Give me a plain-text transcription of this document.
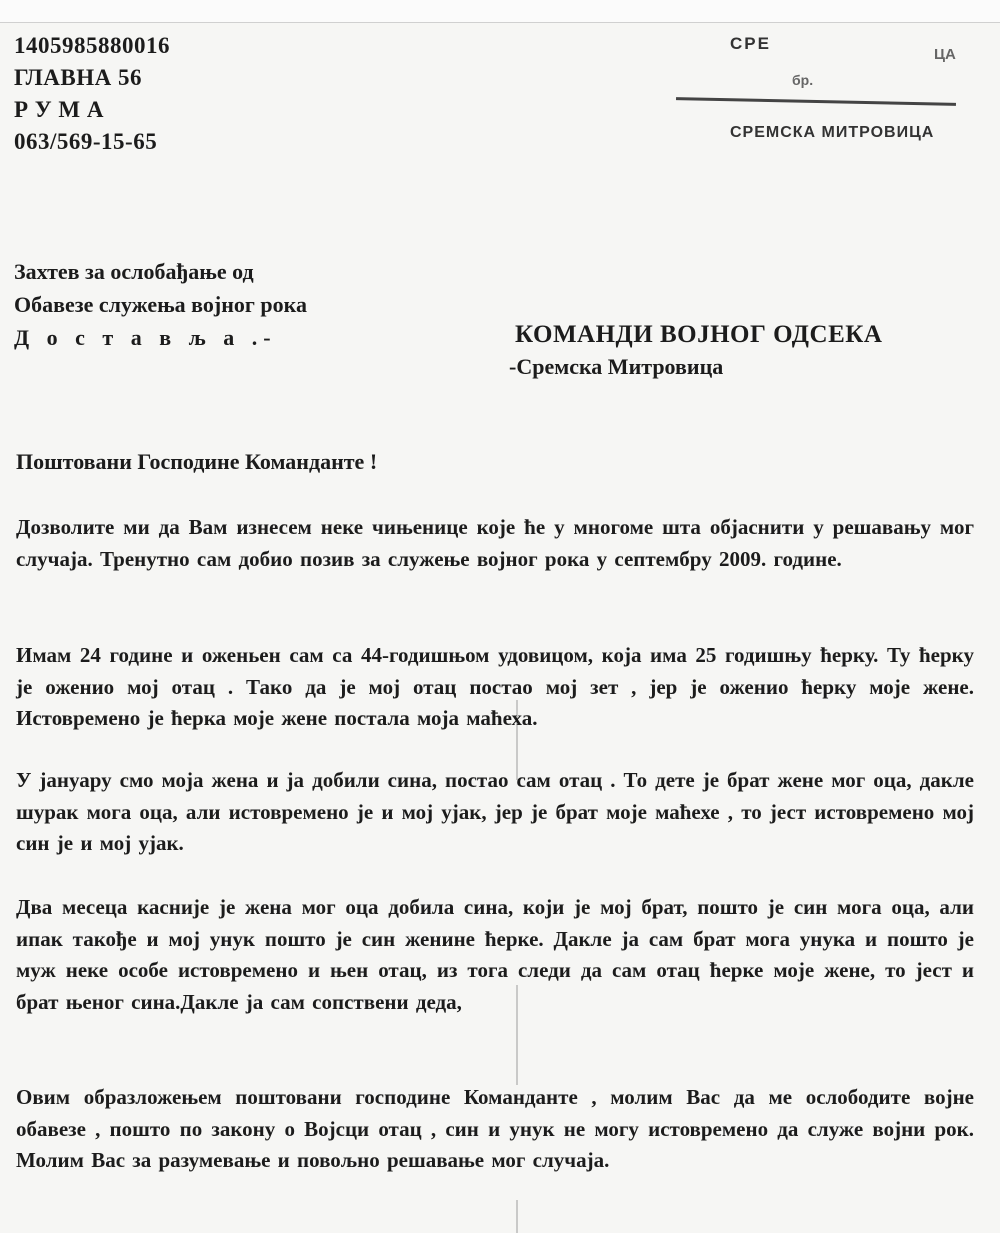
1405985880016
ГЛАВНА 56
Р У М А
063/569-15-65
СРЕ
ЦА
бр.
СРЕМСКА МИТРОВИЦА
Захтев за ослобађање од
Обавезе служења војног рока
Д о с т а в љ а .-	КОМАНДИ ВОЈНОГ ОДСЕКА
-Сремска Митровица
Поштовани Господине Команданте !

Дозволите ми да Вам изнесем неке чињенице које ће у многоме шта објаснити у решавању мог случаја. Тренутно сам добио позив за служење војног рока у септембру 2009. године.

Имам 24 године и оженьен сам са 44-годишњом удовицом, која има 25 годишњу ћерку. Ту ћерку је оженио мој отац . Тако да је мој отац постао мој зет , јер је оженио ћерку моје жене. Истовремено је ћерка моје жене постала моја маћеха.

У јануару смо моја жена и ја добили сина, постао сам отац . То дете је брат жене мог оца, дакле шурак мога оца, али истовремено је и мој ујак, јер је брат моје маћехе , то јест истовремено мој син је и мој ујак.

Два месеца касније је жена мог оца добила сина, који је мој брат, пошто је син мога оца, али ипак такође и мој унук пошто је син женине ћерке. Дакле ја сам брат мога унука и пошто је муж неке особе истовремено и њен отац, из тога следи да сам отац ћерке моје жене, то јест и брат њеног сина.Дакле ја сам сопствени деда,

Овим образложењем поштовани господине Команданте , молим Вас да ме ослободите војне обавезе , пошто по закону о Војсци отац , син и унук не могу истовремено да служе војни рок. Молим Вас за разумевање и повољно решавање мог случаја.
